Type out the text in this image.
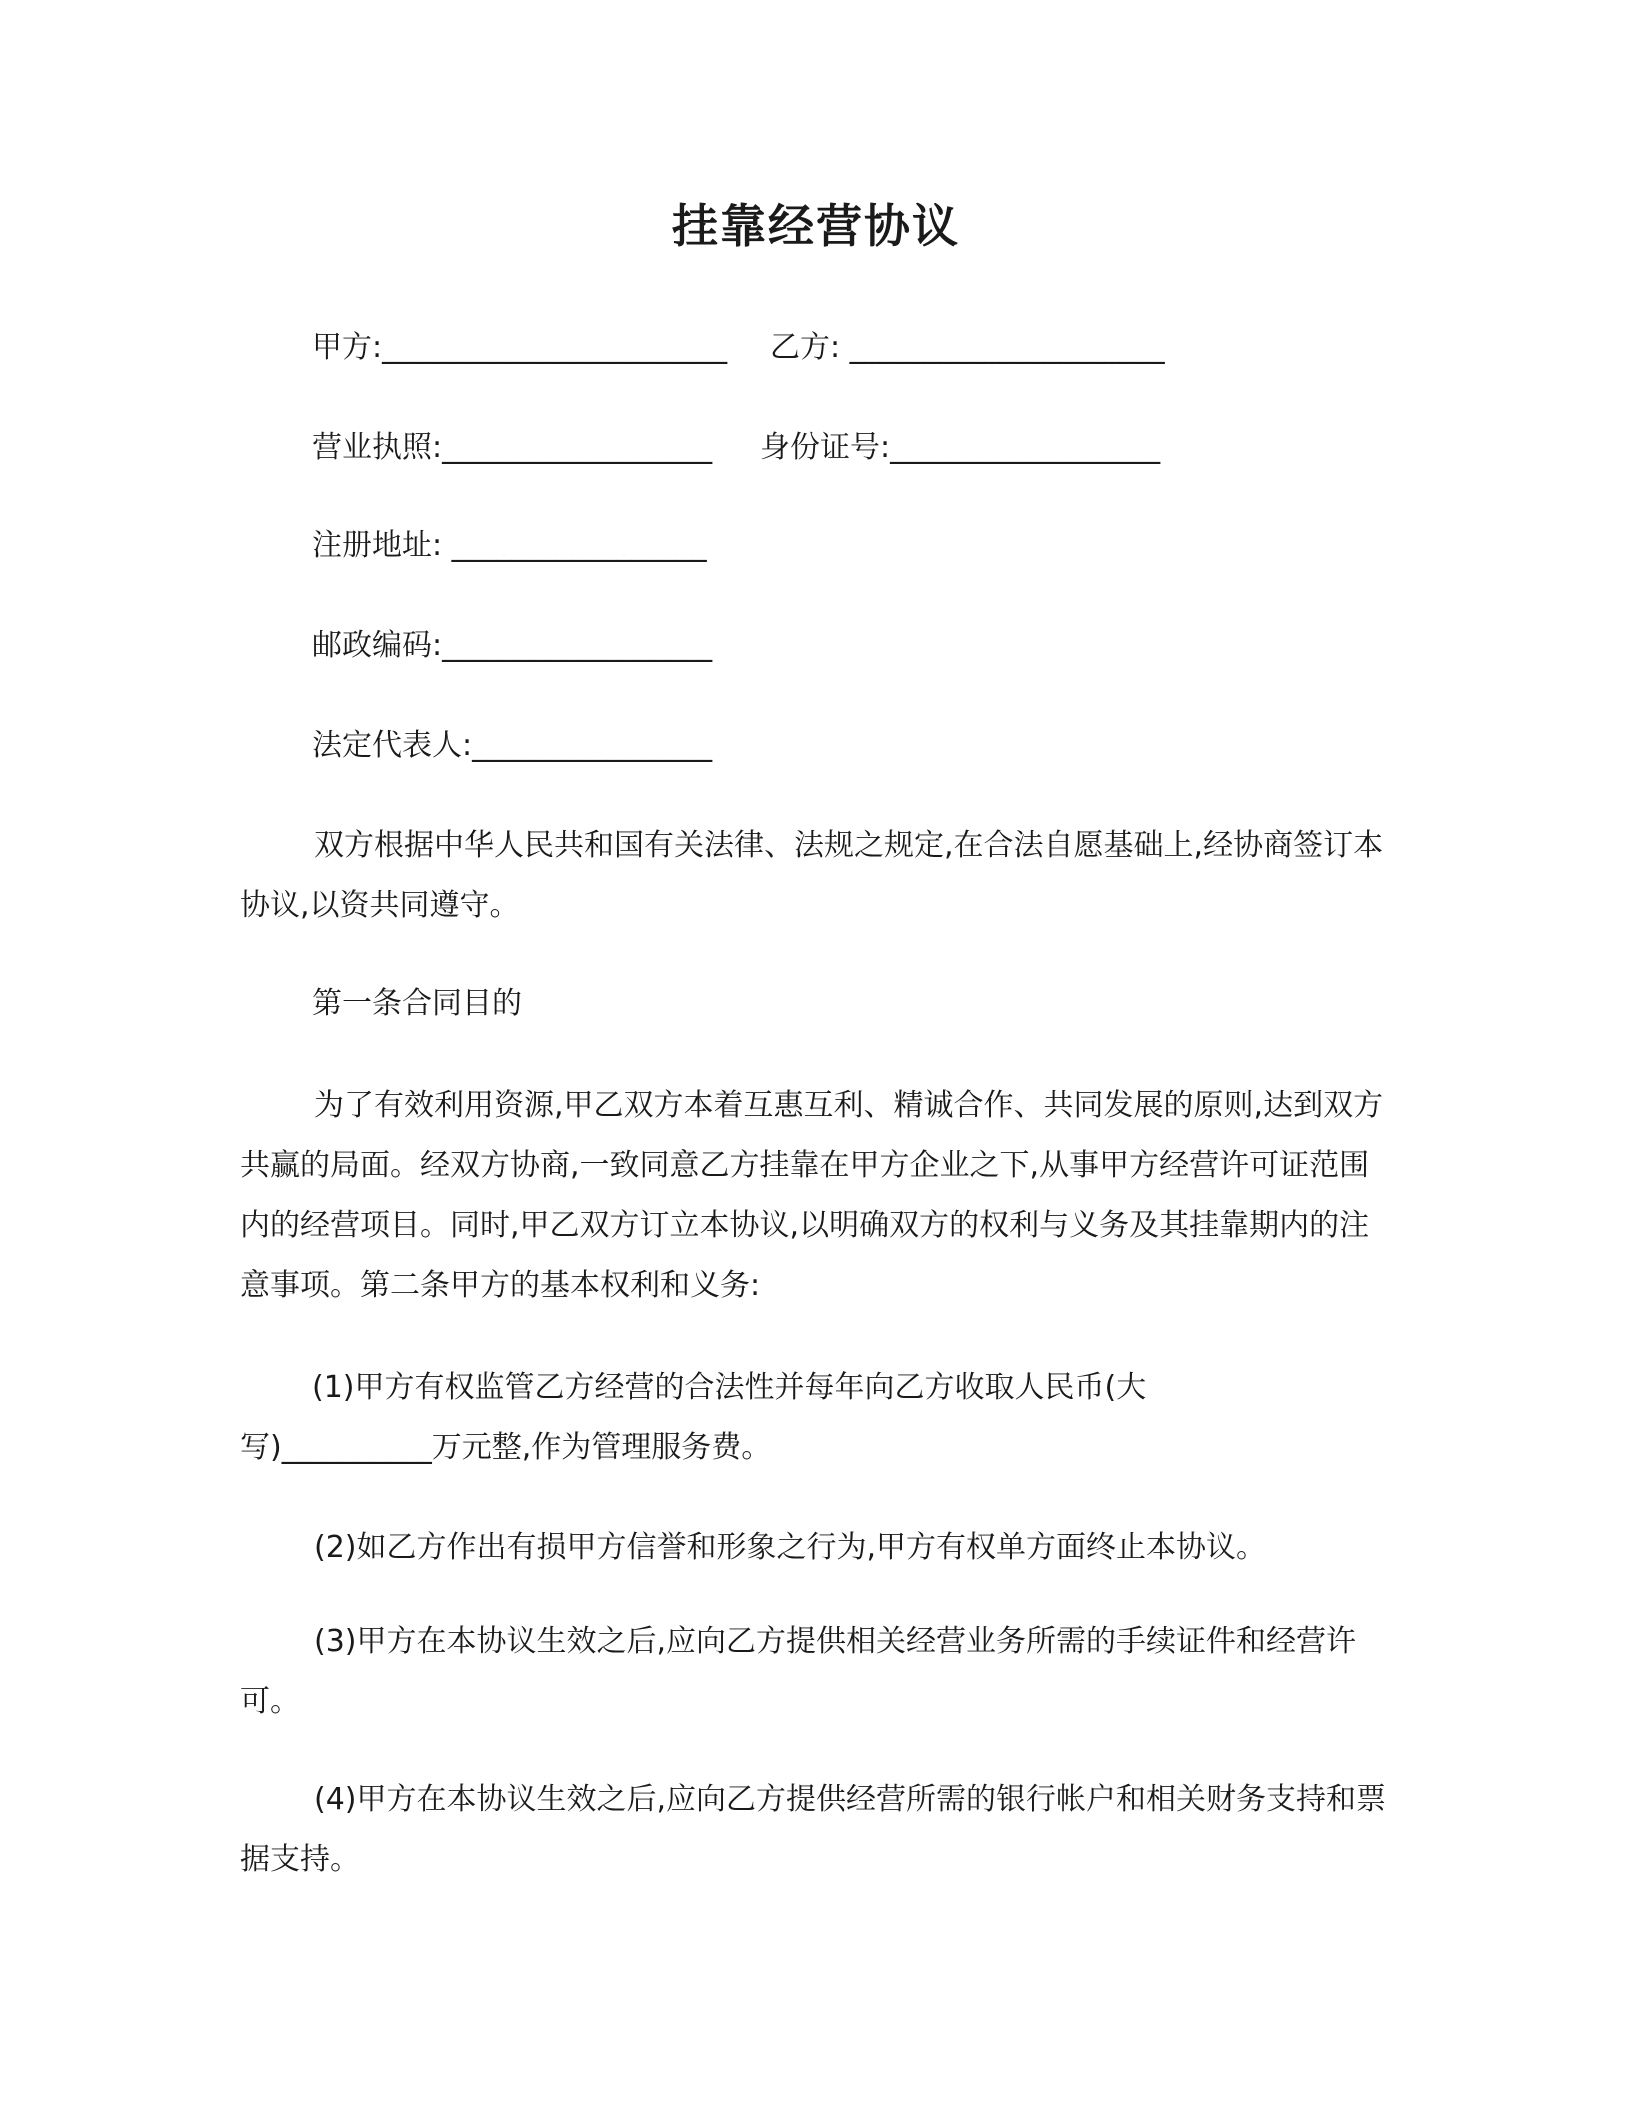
挂靠经营协议
甲方:_______________________ 乙方: _____________________
营业执照:__________________ 身份证号:__________________
注册地址: _________________
邮政编码:__________________
法定代表人:________________
双方根据中华人民共和国有关法律、法规之规定,在合法自愿基础上,经协商签订本协议,以资共同遵守。
第一条合同目的
为了有效利用资源,甲乙双方本着互惠互利、精诚合作、共同发展的原则,达到双方共赢的局面。经双方协商,一致同意乙方挂靠在甲方企业之下,从事甲方经营许可证范围内的经营项目。同时,甲乙双方订立本协议,以明确双方的权利与义务及其挂靠期内的注意事项。第二条甲方的基本权利和义务:
(1)甲方有权监管乙方经营的合法性并每年向乙方收取人民币(大
写)__________万元整,作为管理服务费。
(2)如乙方作出有损甲方信誉和形象之行为,甲方有权单方面终止本协议。
(3)甲方在本协议生效之后,应向乙方提供相关经营业务所需的手续证件和经营许可。
(4)甲方在本协议生效之后,应向乙方提供经营所需的银行帐户和相关财务支持和票据支持。
